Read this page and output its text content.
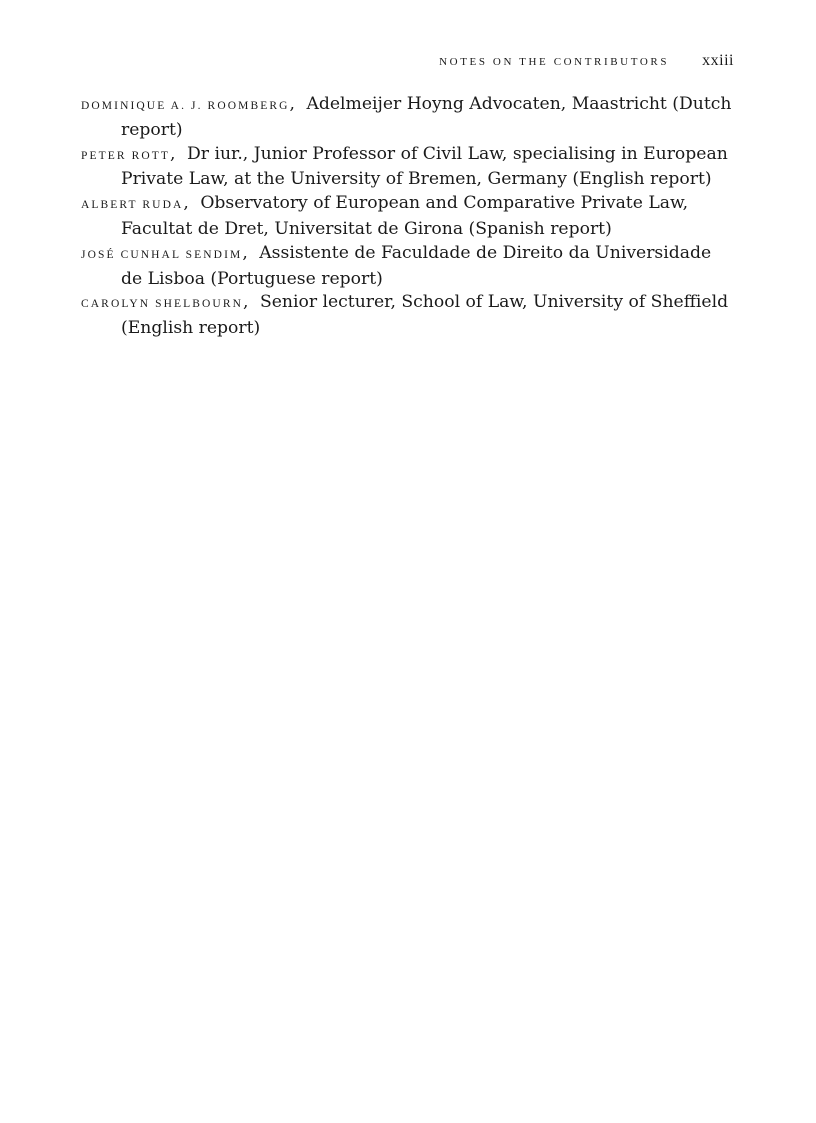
NOTES ON THE CONTRIBUTORS xxiii
DOMINIQUE A. J. ROOMBERG, Adelmeijer Hoyng Advocaten, Maastricht (Dutch report)
PETER ROTT, Dr iur., Junior Professor of Civil Law, specialising in European Private Law, at the University of Bremen, Germany (English report)
ALBERT RUDA, Observatory of European and Comparative Private Law, Facultat de Dret, Universitat de Girona (Spanish report)
JOSÉ CUNHAL SENDIM, Assistente de Faculdade de Direito da Universidade de Lisboa (Portuguese report)
CAROLYN SHELBOURN, Senior lecturer, School of Law, University of Sheffield (English report)
